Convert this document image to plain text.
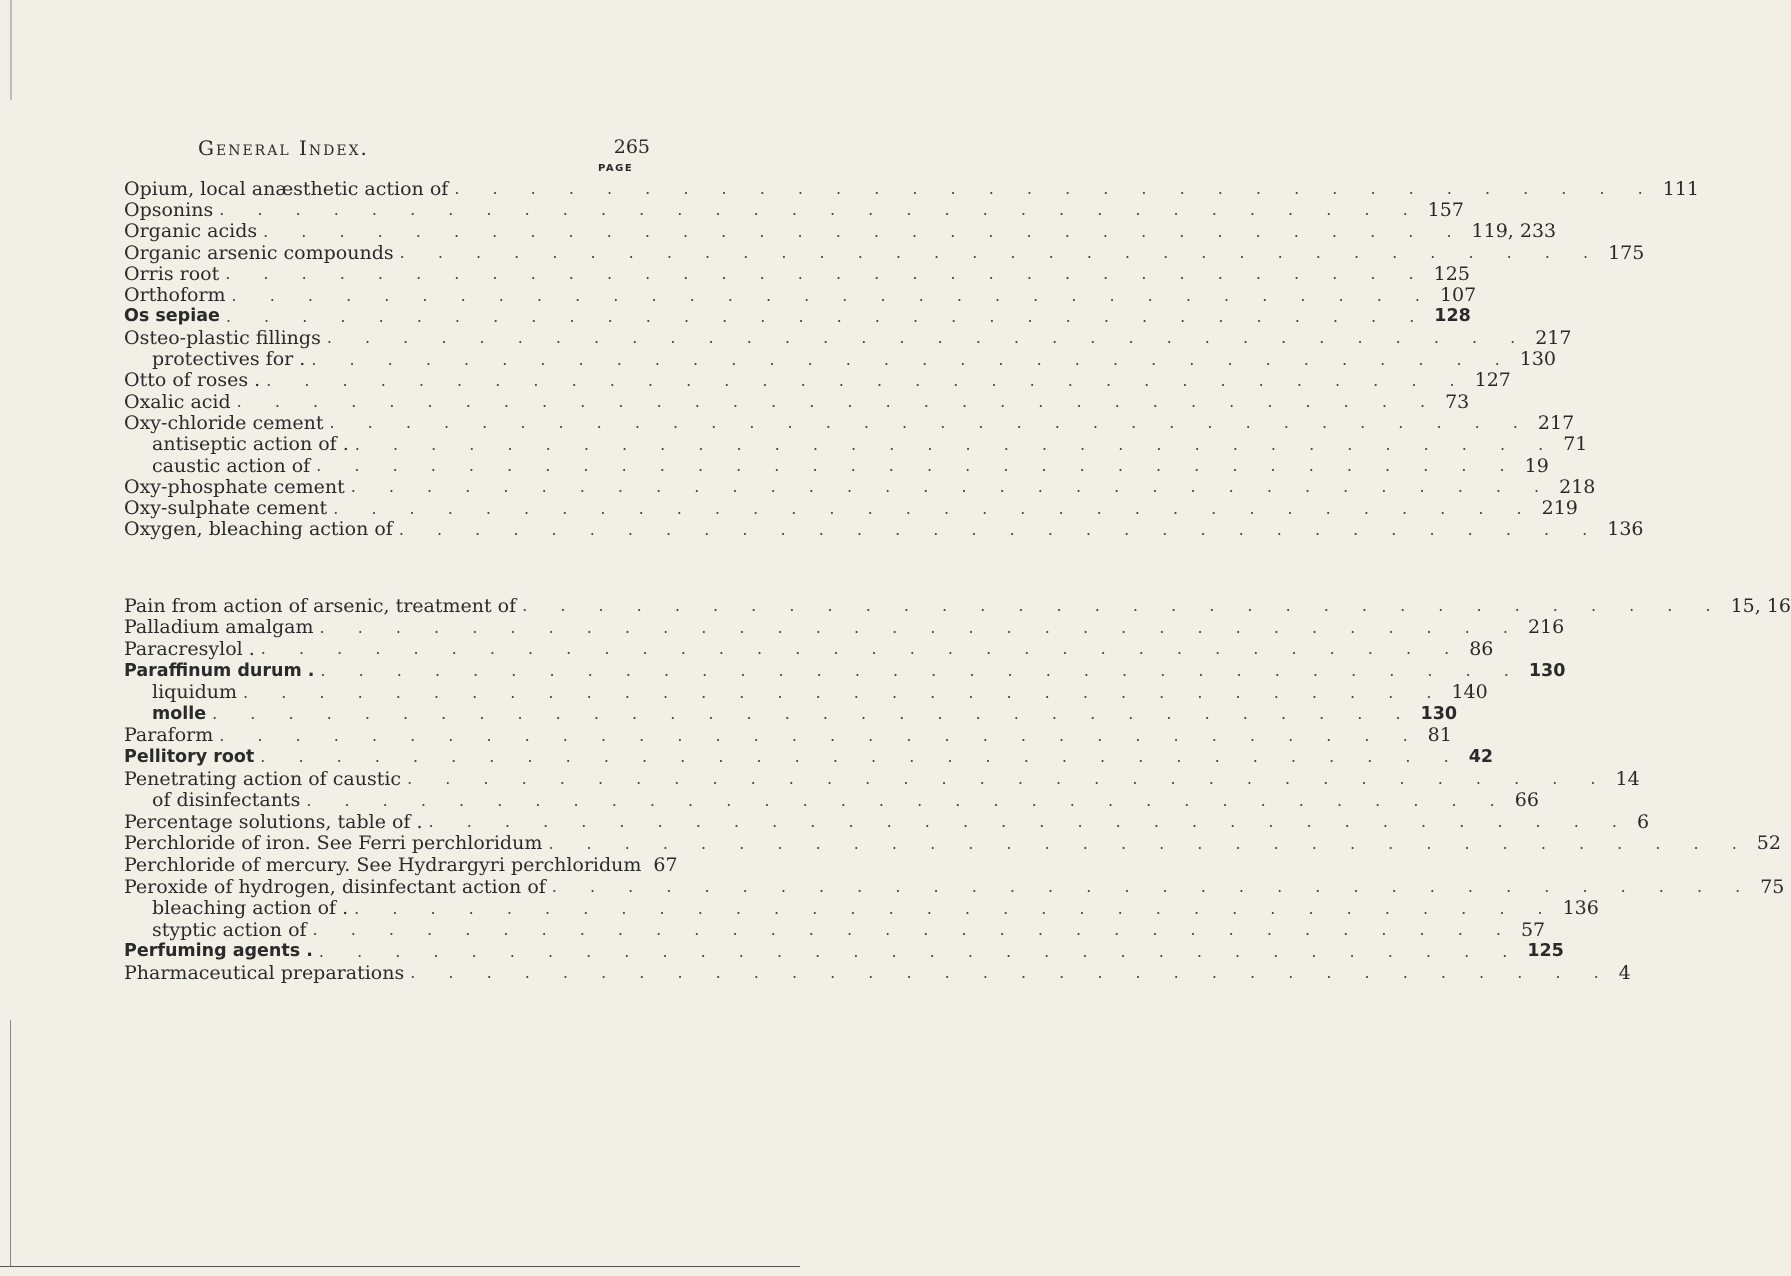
General Index.	265
PAGE
Opium, local anæsthetic action of . . . . . . . . . . . . . . . . . . . . . . . . . . . . . . . . 111
Opsonins . . . . . . . . . . . . . . . . . . . . . . . . . . . . . . . . 157
Organic acids . . . . . . . . . . . . . . . . . . . . . . . . . . . . . . . . 119, 233
Organic arsenic compounds . . . . . . . . . . . . . . . . . . . . . . . . . . . . . . . . 175
Orris root . . . . . . . . . . . . . . . . . . . . . . . . . . . . . . . . 125
Orthoform . . . . . . . . . . . . . . . . . . . . . . . . . . . . . . . . 107
Os sepiae . . . . . . . . . . . . . . . . . . . . . . . . . . . . . . . . 128
Osteo-plastic fillings . . . . . . . . . . . . . . . . . . . . . . . . . . . . . . . . 217
protectives for . . . . . . . . . . . . . . . . . . . . . . . . . . . . . . . . . 130
Otto of roses . . . . . . . . . . . . . . . . . . . . . . . . . . . . . . . . . 127
Oxalic acid . . . . . . . . . . . . . . . . . . . . . . . . . . . . . . . . 73
Oxy-chloride cement . . . . . . . . . . . . . . . . . . . . . . . . . . . . . . . . 217
antiseptic action of . . . . . . . . . . . . . . . . . . . . . . . . . . . . . . . . . 71
caustic action of . . . . . . . . . . . . . . . . . . . . . . . . . . . . . . . . 19
Oxy-phosphate cement . . . . . . . . . . . . . . . . . . . . . . . . . . . . . . . . 218
Oxy-sulphate cement . . . . . . . . . . . . . . . . . . . . . . . . . . . . . . . . 219
Oxygen, bleaching action of . . . . . . . . . . . . . . . . . . . . . . . . . . . . . . . . 136
Pain from action of arsenic, treatment of . . . . . . . . . . . . . . . . . . . . . . . . . . . . . . . . 15, 16
Palladium amalgam . . . . . . . . . . . . . . . . . . . . . . . . . . . . . . . . 216
Paracresylol . . . . . . . . . . . . . . . . . . . . . . . . . . . . . . . . . 86
Paraffinum durum . . . . . . . . . . . . . . . . . . . . . . . . . . . . . . . . . 130
liquidum . . . . . . . . . . . . . . . . . . . . . . . . . . . . . . . . 140
molle . . . . . . . . . . . . . . . . . . . . . . . . . . . . . . . . 130
Paraform . . . . . . . . . . . . . . . . . . . . . . . . . . . . . . . . 81
Pellitory root . . . . . . . . . . . . . . . . . . . . . . . . . . . . . . . . 42
Penetrating action of caustic . . . . . . . . . . . . . . . . . . . . . . . . . . . . . . . . 14
of disinfectants . . . . . . . . . . . . . . . . . . . . . . . . . . . . . . . . 66
Percentage solutions, table of . . . . . . . . . . . . . . . . . . . . . . . . . . . . . . . . . 6
Perchloride of iron. See Ferri perchloridum . . . . . . . . . . . . . . . . . . . . . . . . . . . . . . . . 52
Perchloride of mercury. See Hydrargyri perchloridum 67
Peroxide of hydrogen, disinfectant action of . . . . . . . . . . . . . . . . . . . . . . . . . . . . . . . . 75
bleaching action of . . . . . . . . . . . . . . . . . . . . . . . . . . . . . . . . . 136
styptic action of . . . . . . . . . . . . . . . . . . . . . . . . . . . . . . . . 57
Perfuming agents . . . . . . . . . . . . . . . . . . . . . . . . . . . . . . . . . 125
Pharmaceutical preparations . . . . . . . . . . . . . . . . . . . . . . . . . . . . . . . . 4
